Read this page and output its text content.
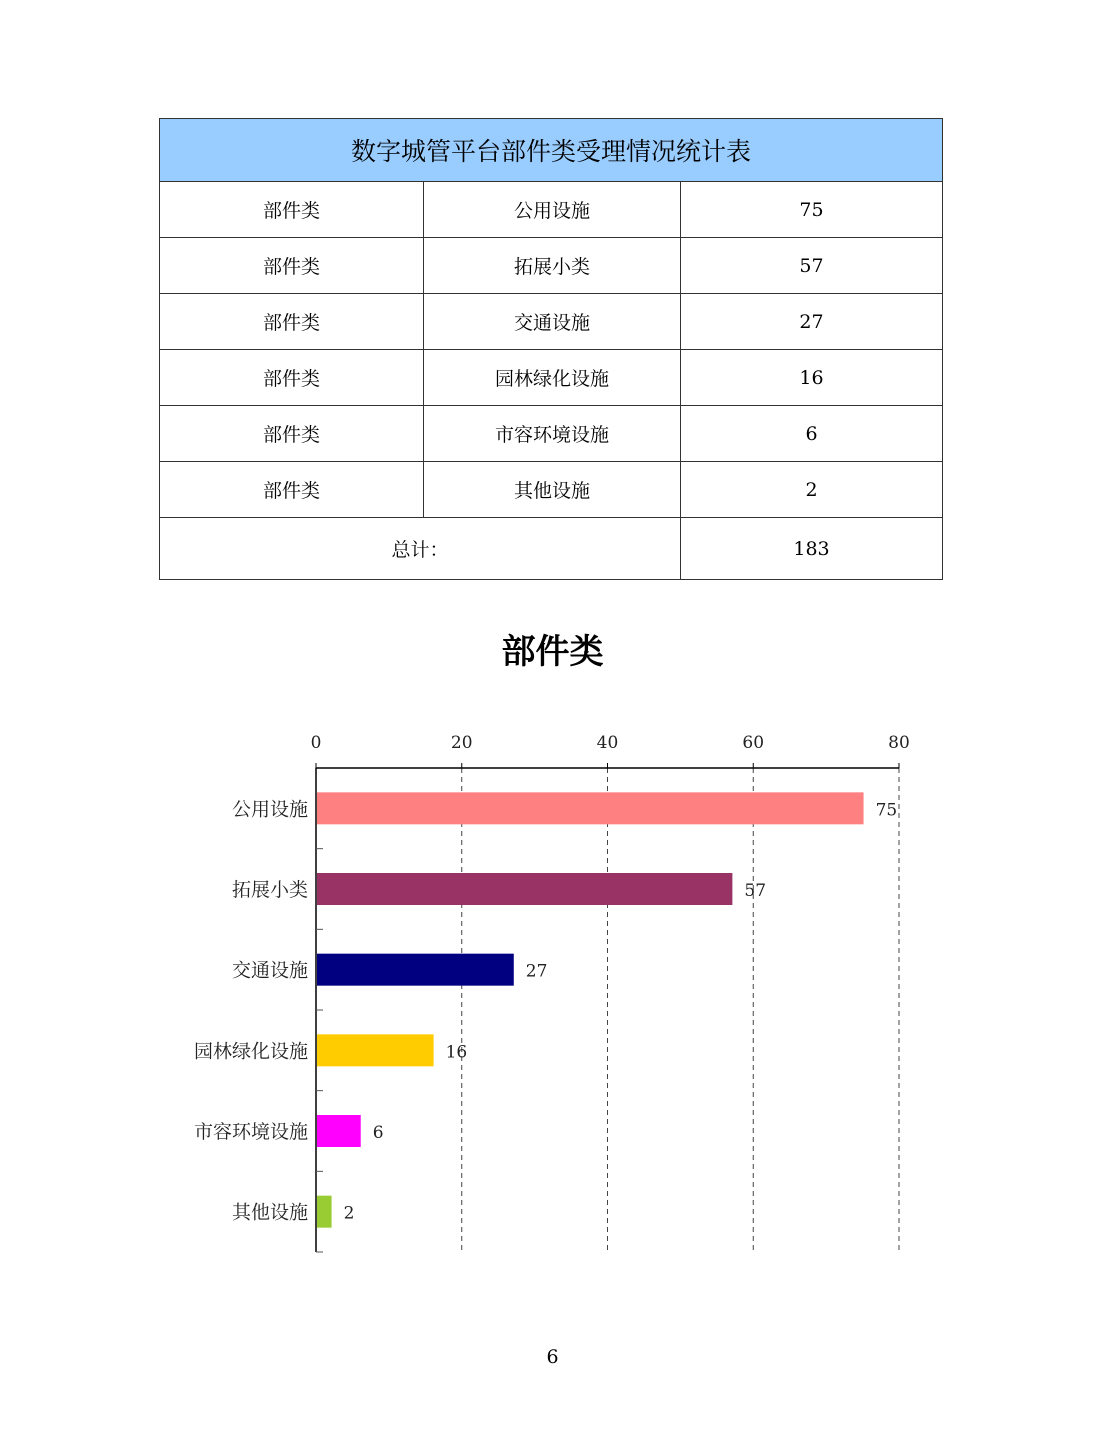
数字城管平台部件类受理情况统计表		
部件类	公用设施	75
部件类	拓展小类	57
部件类	交通设施	27
部件类	园林绿化设施	16
部件类	市容环境设施	6
部件类	其他设施	2
总计：		183
部件类
0	20	40	60	80
公用设施	75
拓展小类	57
交通设施	27
园林绿化设施	16
市容环境设施	6
其他设施 2
6
